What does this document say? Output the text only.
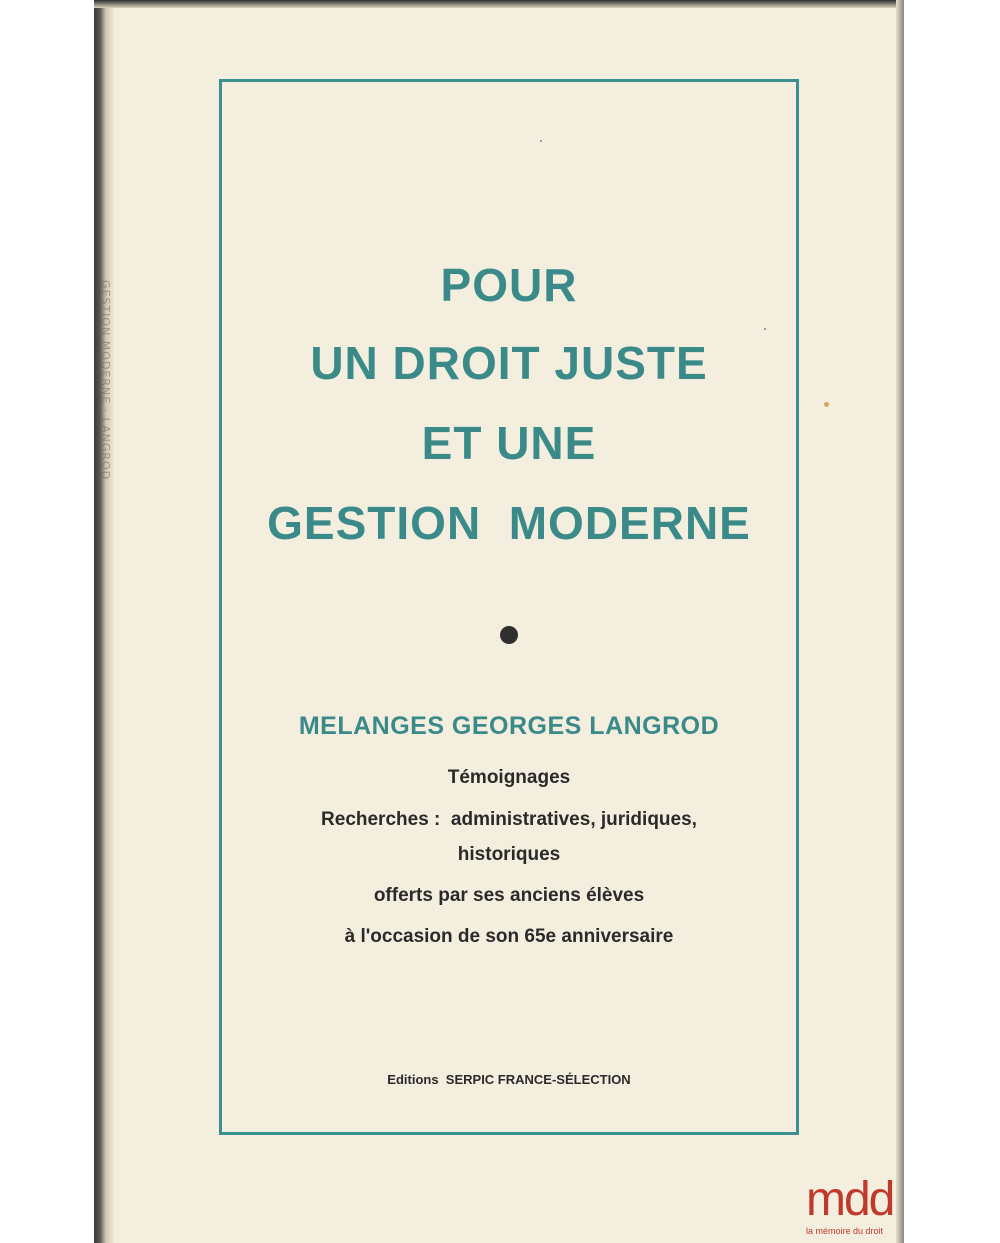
GESTION MODERNE · LANGROD	POUR
UN DROIT JUSTE
ET UNE
GESTION  MODERNE
MELANGES GEORGES LANGROD
Témoignages
Recherches :  administratives, juridiques,
historiques
offerts par ses anciens élèves
à l'occasion de son 65e anniversaire
Editions  SERPIC FRANCE-SÉLECTION
mdd
la mémoire du droit
